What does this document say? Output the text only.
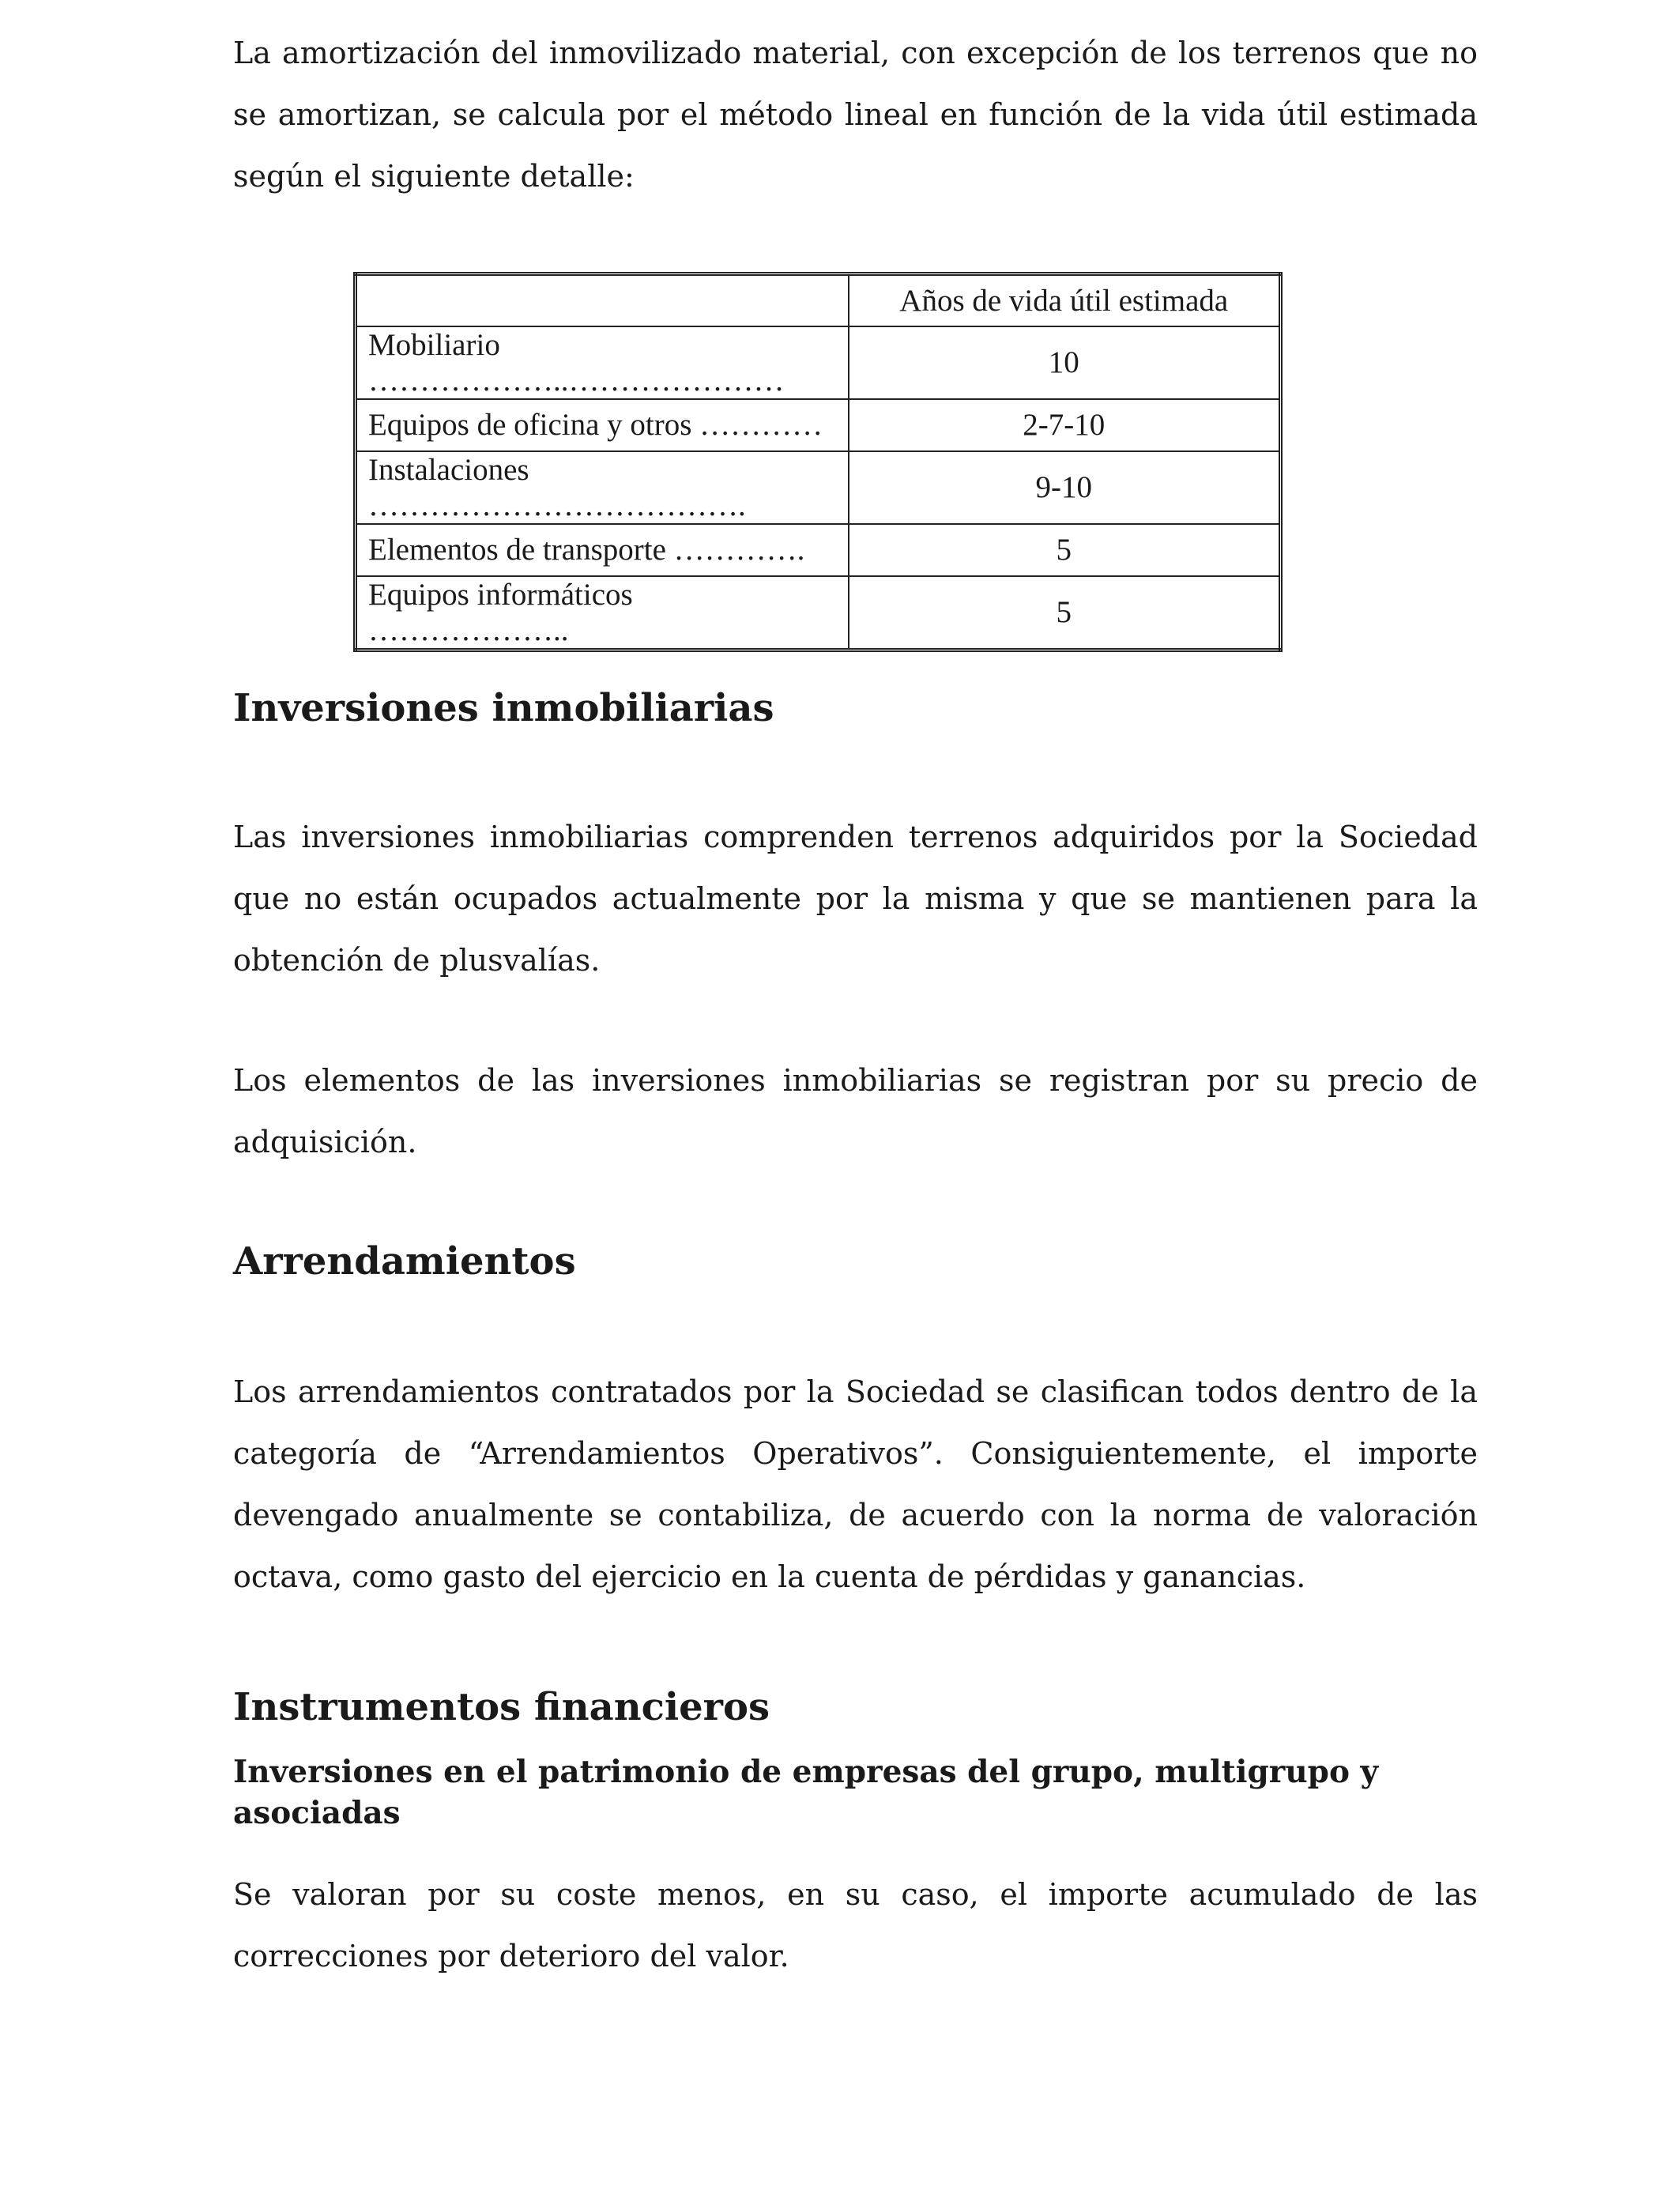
La amortización del inmovilizado material, con excepción de los terrenos que no se amortizan, se calcula por el método lineal en función de la vida útil estimada según el siguiente detalle:

	Años de vida útil estimada
Mobiliario ………………..…………………	10
Equipos de oficina y otros …………	2-7-10
Instalaciones ……………………………….	9-10
Elementos de transporte ………….	5
Equipos informáticos ………………..	5
Inversiones inmobiliarias

Las inversiones inmobiliarias comprenden terrenos adquiridos por la Sociedad que no están ocupados actualmente por la misma y que se mantienen para la obtención de plusvalías.

Los elementos de las inversiones inmobiliarias se registran por su precio de adquisición.

Arrendamientos

Los arrendamientos contratados por la Sociedad se clasifican todos dentro de la categoría de “Arrendamientos Operativos”. Consiguientemente, el importe devengado anualmente se contabiliza, de acuerdo con la norma de valoración octava, como gasto del ejercicio en la cuenta de pérdidas y ganancias.

Instrumentos financieros
Inversiones en el patrimonio de empresas del grupo, multigrupo y asociadas

Se valoran por su coste menos, en su caso, el importe acumulado de las correcciones por deterioro del valor.
